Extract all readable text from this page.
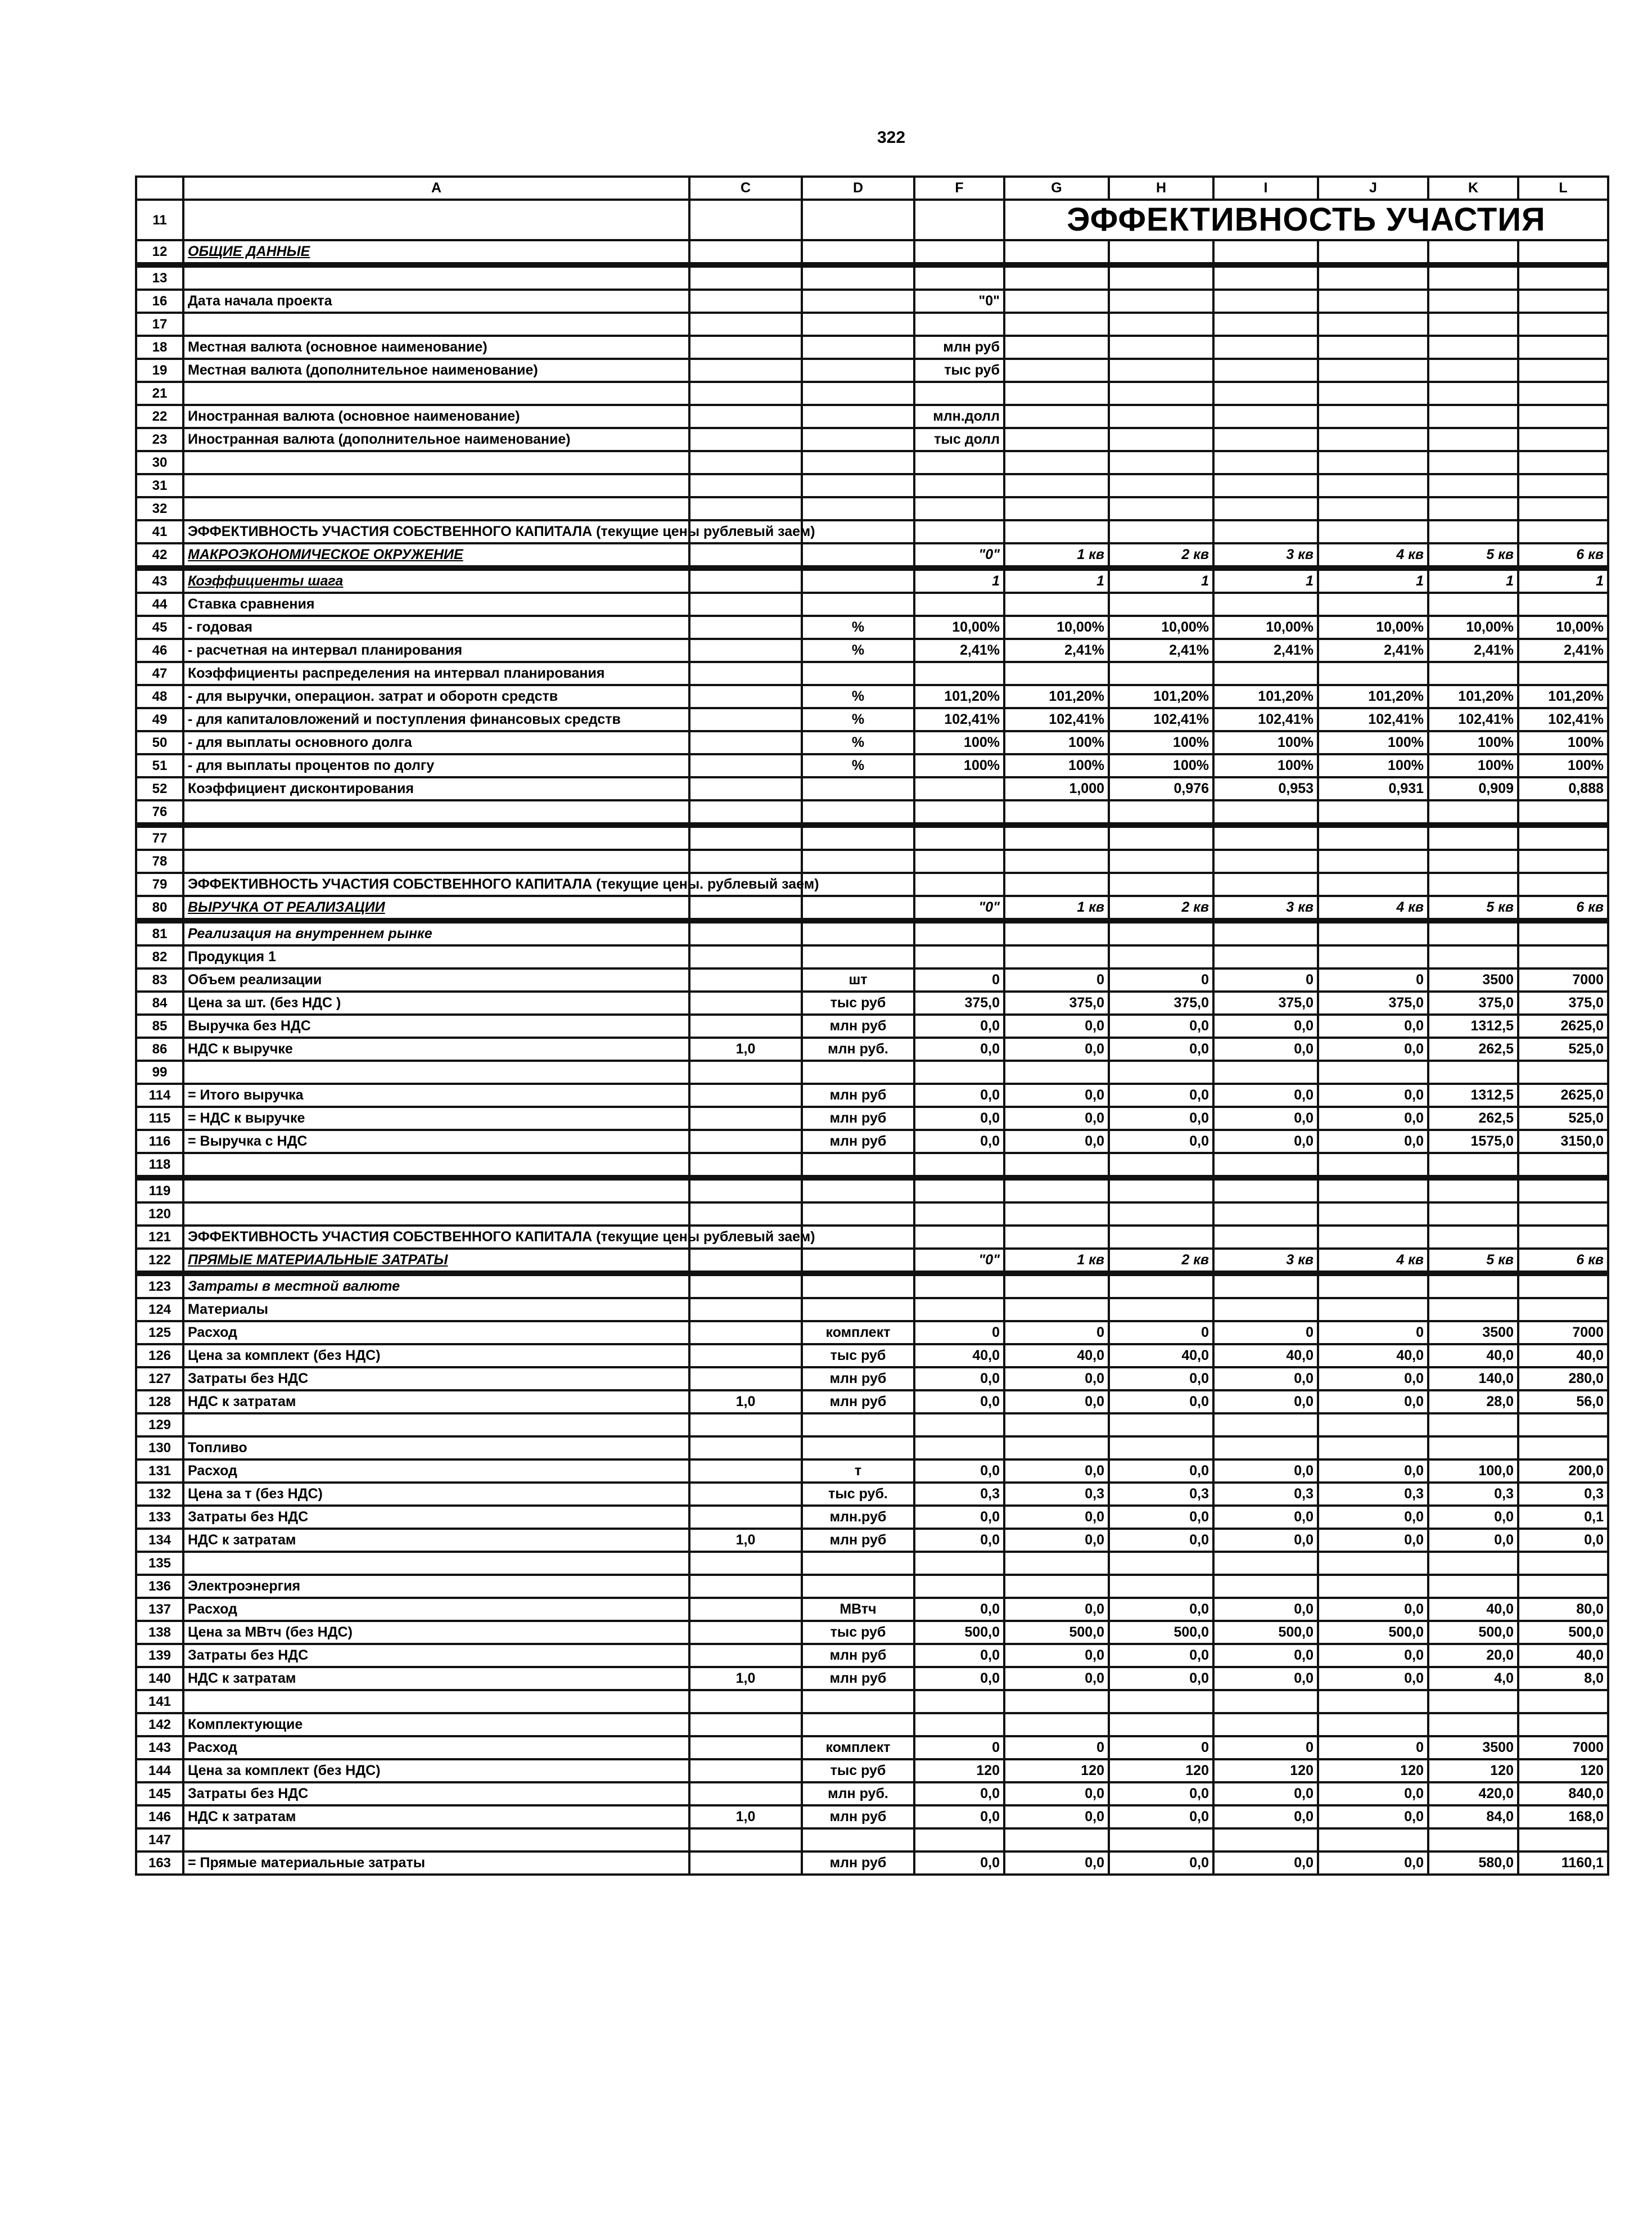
322
	A	C	D	F	G	H	I	J	K	L
11					ЭФФЕКТИВНОСТЬ УЧАСТИЯ					
12	ОБЩИЕ ДАННЫЕ									
13										
16	Дата начала проекта			"0"						
17										
18	Местная валюта (основное наименование)			млн руб						
19	Местная валюта (дополнительное наименование)			тыс руб						
21										
22	Иностранная валюта (основное наименование)			млн.долл						
23	Иностранная валюта (дополнительное наименование)			тыс долл						
30										
31										
32										
41	ЭФФЕКТИВНОСТЬ УЧАСТИЯ СОБСТВЕННОГО КАПИТАЛА (текущие цены рублевый заем)									
42	МАКРОЭКОНОМИЧЕСКОЕ ОКРУЖЕНИЕ			"0"	1 кв	2 кв	3 кв	4 кв	5 кв	6 кв
43	Коэффициенты шага			1	1	1	1	1	1	1
44	Ставка сравнения									
45	- годовая		%	10,00%	10,00%	10,00%	10,00%	10,00%	10,00%	10,00%
46	- расчетная на интервал планирования		%	2,41%	2,41%	2,41%	2,41%	2,41%	2,41%	2,41%
47	Коэффициенты распределения на интервал планирования									
48	- для выручки, операцион. затрат и оборотн средств		%	101,20%	101,20%	101,20%	101,20%	101,20%	101,20%	101,20%
49	- для капиталовложений и поступления финансовых средств		%	102,41%	102,41%	102,41%	102,41%	102,41%	102,41%	102,41%
50	- для выплаты основного долга		%	100%	100%	100%	100%	100%	100%	100%
51	- для выплаты процентов по долгу		%	100%	100%	100%	100%	100%	100%	100%
52	Коэффициент дисконтирования				1,000	0,976	0,953	0,931	0,909	0,888
76										
77										
78										
79	ЭФФЕКТИВНОСТЬ УЧАСТИЯ СОБСТВЕННОГО КАПИТАЛА (текущие цены. рублевый заем)									
80	ВЫРУЧКА ОТ РЕАЛИЗАЦИИ			"0"	1 кв	2 кв	3 кв	4 кв	5 кв	6 кв
81	Реализация на внутреннем рынке									
82	Продукция 1									
83	Объем реализации		шт	0	0	0	0	0	3500	7000
84	Цена за шт. (без НДС )		тыс руб	375,0	375,0	375,0	375,0	375,0	375,0	375,0
85	Выручка без НДС		млн руб	0,0	0,0	0,0	0,0	0,0	1312,5	2625,0
86	НДС к выручке	1,0	млн руб.	0,0	0,0	0,0	0,0	0,0	262,5	525,0
99										
114	= Итого выручка		млн руб	0,0	0,0	0,0	0,0	0,0	1312,5	2625,0
115	= НДС к выручке		млн руб	0,0	0,0	0,0	0,0	0,0	262,5	525,0
116	= Выручка с НДС		млн руб	0,0	0,0	0,0	0,0	0,0	1575,0	3150,0
118										
119										
120										
121	ЭФФЕКТИВНОСТЬ УЧАСТИЯ СОБСТВЕННОГО КАПИТАЛА (текущие цены рублевый заем)									
122	ПРЯМЫЕ МАТЕРИАЛЬНЫЕ ЗАТРАТЫ			"0"	1 кв	2 кв	3 кв	4 кв	5 кв	6 кв
123	Затраты в местной валюте									
124	Материалы									
125	Расход		комплект	0	0	0	0	0	3500	7000
126	Цена за комплект (без НДС)		тыс руб	40,0	40,0	40,0	40,0	40,0	40,0	40,0
127	Затраты без НДС		млн руб	0,0	0,0	0,0	0,0	0,0	140,0	280,0
128	НДС к затратам	1,0	млн руб	0,0	0,0	0,0	0,0	0,0	28,0	56,0
129										
130	Топливо									
131	Расход		т	0,0	0,0	0,0	0,0	0,0	100,0	200,0
132	Цена за т (без НДС)		тыс руб.	0,3	0,3	0,3	0,3	0,3	0,3	0,3
133	Затраты без НДС		млн.руб	0,0	0,0	0,0	0,0	0,0	0,0	0,1
134	НДС к затратам	1,0	млн руб	0,0	0,0	0,0	0,0	0,0	0,0	0,0
135										
136	Электроэнергия									
137	Расход		МВтч	0,0	0,0	0,0	0,0	0,0	40,0	80,0
138	Цена за МВтч (без НДС)		тыс руб	500,0	500,0	500,0	500,0	500,0	500,0	500,0
139	Затраты без НДС		млн руб	0,0	0,0	0,0	0,0	0,0	20,0	40,0
140	НДС к затратам	1,0	млн руб	0,0	0,0	0,0	0,0	0,0	4,0	8,0
141										
142	Комплектующие									
143	Расход		комплект	0	0	0	0	0	3500	7000
144	Цена за комплект (без НДС)		тыс руб	120	120	120	120	120	120	120
145	Затраты без НДС		млн руб.	0,0	0,0	0,0	0,0	0,0	420,0	840,0
146	НДС к затратам	1,0	млн руб	0,0	0,0	0,0	0,0	0,0	84,0	168,0
147										
163	= Прямые материальные затраты		млн руб	0,0	0,0	0,0	0,0	0,0	580,0	1160,1
